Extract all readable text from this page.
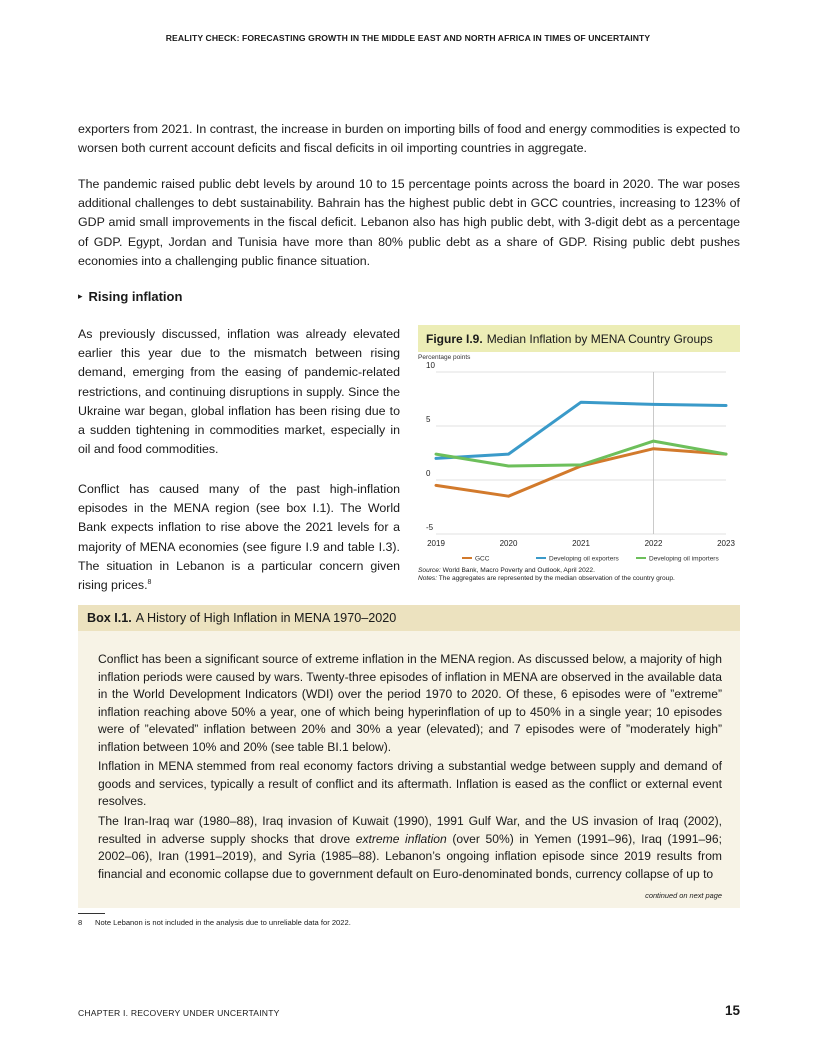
REALITY CHECK: FORECASTING GROWTH IN THE MIDDLE EAST AND NORTH AFRICA IN TIMES OF UNCERTAINTY

exporters from 2021. In contrast, the increase in burden on importing bills of food and energy commodities is expected to worsen both current account deficits and fiscal deficits in oil importing countries in aggregate.

The pandemic raised public debt levels by around 10 to 15 percentage points across the board in 2020. The war poses additional challenges to debt sustainability. Bahrain has the highest public debt in GCC countries, increasing to 123% of GDP amid small improvements in the fiscal deficit. Lebanon also has high public debt, with 3-digit debt as a percentage of GDP. Egypt, Jordan and Tunisia have more than 80% public debt as a share of GDP. Rising public debt pushes economies into a challenging public finance situation.

▸ Rising inflation

As previously discussed, inflation was already elevated earlier this year due to the mismatch between rising demand, emerging from the easing of pandemic-related restrictions, and continuing disruptions in supply. Since the Ukraine war began, global inflation has been rising due to a sudden tightening in commodities market, especially in oil and food commodities.

Conflict has caused many of the past high-inflation episodes in the MENA region (see box I.1). The World Bank expects inflation to rise above the 2021 levels for a majority of MENA economies (see figure I.9 and table I.3). The situation in Lebanon is a particular concern given rising prices.$^8$

Figure I.9. Median Inflation by MENA Country Groups
Percentage points
-5
0
5
10
2019	2020	2021	2022	2023
GCC	Developing oil exporters	Developing oil importers
Source: World Bank, Macro Poverty and Outlook, April 2022.
Notes: The aggregates are represented by the median observation of the country group.
Box I.1. A History of High Inflation in MENA 1970–2020

Conflict has been a significant source of extreme inflation in the MENA region. As discussed below, a majority of high inflation periods were caused by wars. Twenty-three episodes of inflation in MENA are observed in the available data in the World Development Indicators (WDI) over the period 1970 to 2020. Of these, 6 episodes were of ”extreme” inflation reaching above 50% a year, one of which being hyperinflation of up to 450% in a single year; 10 episodes were of ”elevated” inflation between 20% and 30% a year (elevated); and 7 episodes were of ”moderately high” inflation between 10% and 20% (see table BI.1 below).

Inflation in MENA stemmed from real economy factors driving a substantial wedge between supply and demand of goods and services, typically a result of conflict and its aftermath. Inflation is eased as the conflict or external event resolves.

The Iran-Iraq war (1980–88), Iraq invasion of Kuwait (1990), 1991 Gulf War, and the US invasion of Iraq (2002), resulted in adverse supply shocks that drove extreme inflation (over 50%) in Yemen (1991–96), Iraq (1991–96; 2002–06), Iran (1991–2019), and Syria (1985–88). Lebanon’s ongoing inflation episode since 2019 results from financial and economic collapse due to government default on Euro-denominated bonds, currency collapse of up to

continued on next page
8	Note Lebanon is not included in the analysis due to unreliable data for 2022.
CHAPTER I. RECOVERY UNDER UNCERTAINTY	15
